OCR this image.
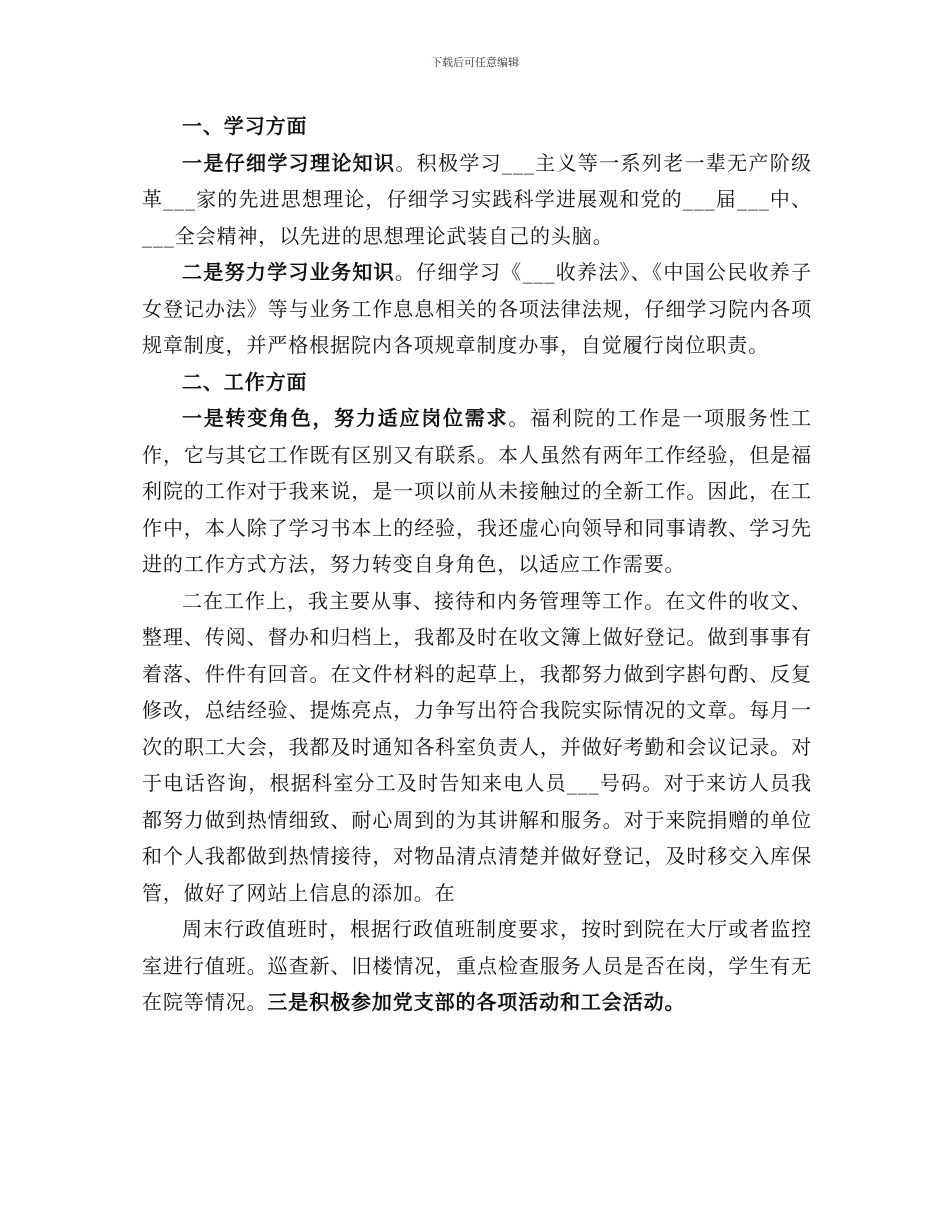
下载后可任意编辑
一、学习方面

一是仔细学习理论知识。积极学习___主义等一系列老一辈无产阶级革___家的先进思想理论，仔细学习实践科学进展观和党的___届___中、___全会精神，以先进的思想理论武装自己的头脑。

二是努力学习业务知识。仔细学习《___收养法》、《中国公民收养子女登记办法》等与业务工作息息相关的各项法律法规，仔细学习院内各项规章制度，并严格根据院内各项规章制度办事，自觉履行岗位职责。

二、工作方面

一是转变角色，努力适应岗位需求。福利院的工作是一项服务性工作，它与其它工作既有区别又有联系。本人虽然有两年工作经验，但是福利院的工作对于我来说，是一项以前从未接触过的全新工作。因此，在工作中，本人除了学习书本上的经验，我还虚心向领导和同事请教、学习先进的工作方式方法，努力转变自身角色，以适应工作需要。

二在工作上，我主要从事、接待和内务管理等工作。在文件的收文、整理、传阅、督办和归档上，我都及时在收文簿上做好登记。做到事事有着落、件件有回音。在文件材料的起草上，我都努力做到字斟句酌、反复修改，总结经验、提炼亮点，力争写出符合我院实际情况的文章。每月一次的职工大会，我都及时通知各科室负责人，并做好考勤和会议记录。对于电话咨询，根据科室分工及时告知来电人员___号码。对于来访人员我都努力做到热情细致、耐心周到的为其讲解和服务。对于来院捐赠的单位和个人我都做到热情接待，对物品清点清楚并做好登记，及时移交入库保管，做好了网站上信息的添加。在

周末行政值班时，根据行政值班制度要求，按时到院在大厅或者监控室进行值班。巡查新、旧楼情况，重点检查服务人员是否在岗，学生有无在院等情况。三是积极参加党支部的各项活动和工会活动。
